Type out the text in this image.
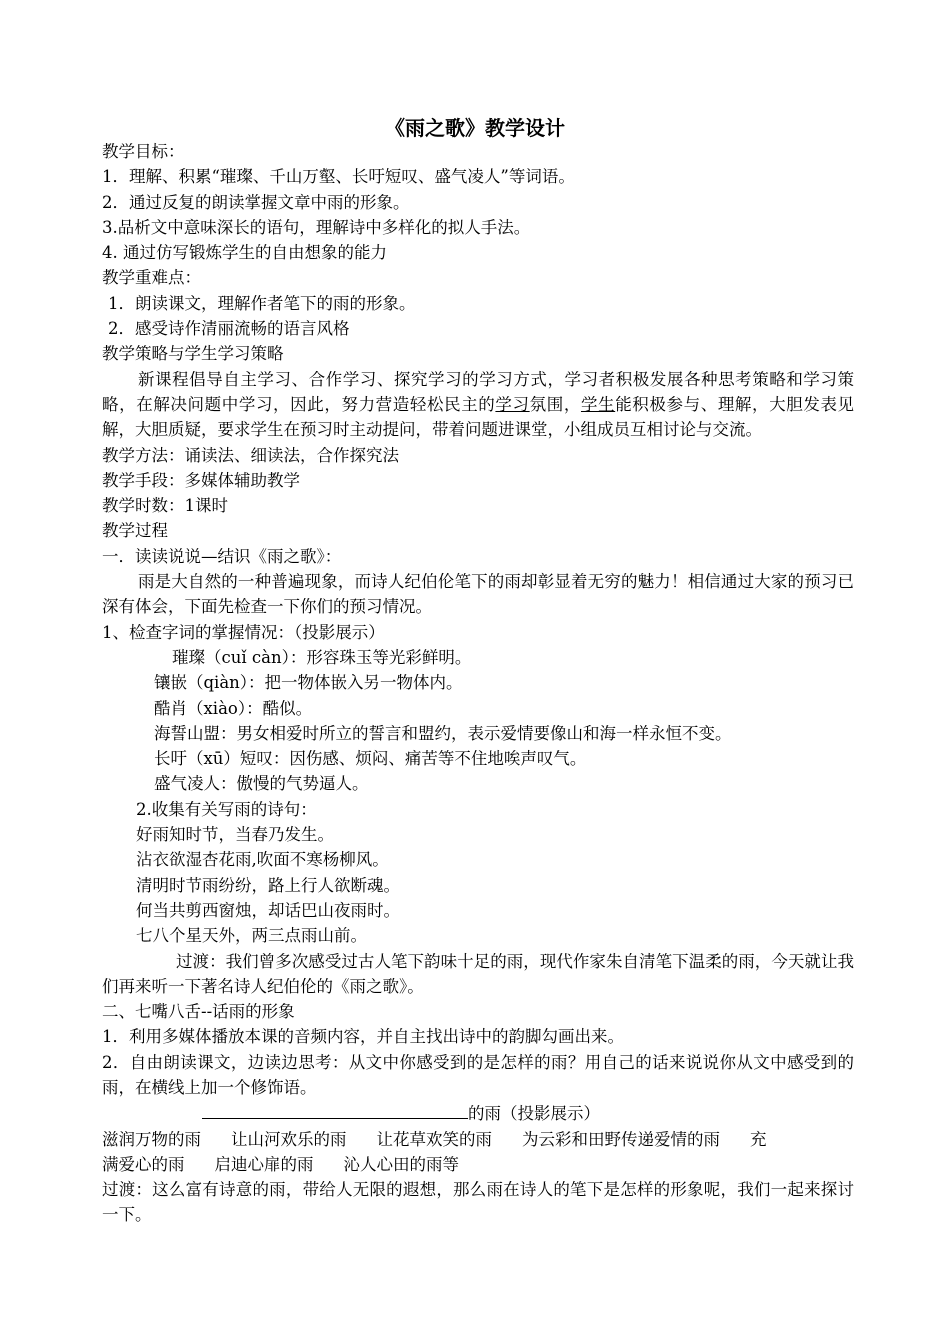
《雨之歌》教学设计

教学目标：

1．理解、积累“璀璨、千山万壑、长吁短叹、盛气凌人”等词语。

2．通过反复的朗读掌握文章中雨的形象。

3.品析文中意味深长的语句，理解诗中多样化的拟人手法。

4. 通过仿写锻炼学生的自由想象的能力

教学重难点：

1．朗读课文，理解作者笔下的雨的形象。

2．感受诗作清丽流畅的语言风格

教学策略与学生学习策略

新课程倡导自主学习、合作学习、探究学习的学习方式，学习者积极发展各种思考策略和学习策略，在解决问题中学习，因此，努力营造轻松民主的学习氛围，学生能积极参与、理解，大胆发表见解，大胆质疑，要求学生在预习时主动提问，带着问题进课堂，小组成员互相讨论与交流。

教学方法：诵读法、细读法，合作探究法

教学手段：多媒体辅助教学

教学时数：1课时

教学过程

一．读读说说—结识《雨之歌》：

雨是大自然的一种普遍现象，而诗人纪伯伦笔下的雨却彰显着无穷的魅力！相信通过大家的预习已深有体会，下面先检查一下你们的预习情况。

1、检查字词的掌握情况：（投影展示）

璀璨（cuǐ càn）：形容珠玉等光彩鲜明。

镶嵌（qiàn）：把一物体嵌入另一物体内。

酷肖（xiào）：酷似。

海誓山盟：男女相爱时所立的誓言和盟约，表示爱情要像山和海一样永恒不变。

长吁（xū）短叹：因伤感、烦闷、痛苦等不住地唉声叹气。

盛气凌人：傲慢的气势逼人。

2.收集有关写雨的诗句：

好雨知时节，当春乃发生。

沾衣欲湿杏花雨,吹面不寒杨柳风。

清明时节雨纷纷，路上行人欲断魂。

何当共剪西窗烛，却话巴山夜雨时。

七八个星天外，两三点雨山前。

过渡：我们曾多次感受过古人笔下韵味十足的雨，现代作家朱自清笔下温柔的雨，今天就让我们再来听一下著名诗人纪伯伦的《雨之歌》。

二、七嘴八舌--话雨的形象

1．利用多媒体播放本课的音频内容，并自主找出诗中的韵脚勾画出来。

2．自由朗读课文，边读边思考：从文中你感受到的是怎样的雨？用自己的话来说说你从文中感受到的雨，在横线上加一个修饰语。

的雨（投影展示）

滋润万物的雨 让山河欢乐的雨 让花草欢笑的雨 为云彩和田野传递爱情的雨 充

满爱心的雨 启迪心扉的雨 沁人心田的雨等

过渡：这么富有诗意的雨，带给人无限的遐想，那么雨在诗人的笔下是怎样的形象呢，我们一起来探讨一下。
